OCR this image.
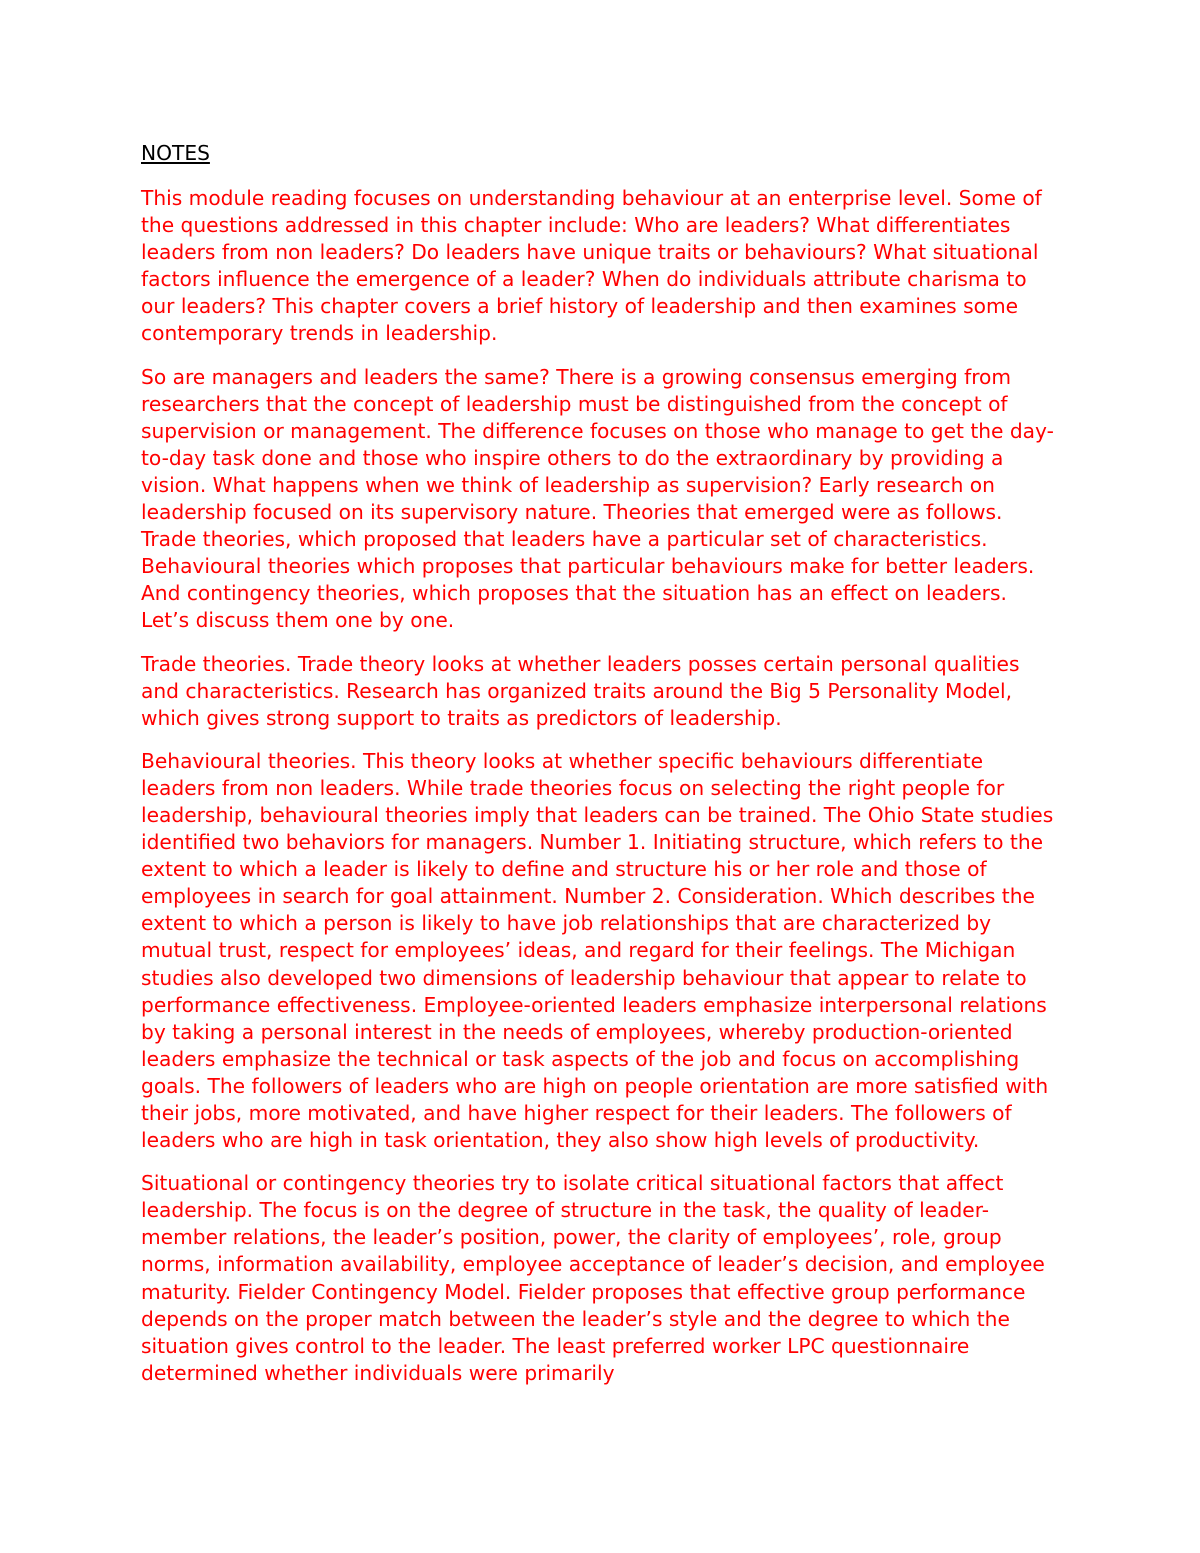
NOTES

This module reading focuses on understanding behaviour at an enterprise level. Some of the questions addressed in this chapter include: Who are leaders? What differentiates leaders from non leaders? Do leaders have unique traits or behaviours? What situational factors influence the emergence of a leader? When do individuals attribute charisma to our leaders? This chapter covers a brief history of leadership and then examines some contemporary trends in leadership.

So are managers and leaders the same? There is a growing consensus emerging from researchers that the concept of leadership must be distinguished from the concept of supervision or management. The difference focuses on those who manage to get the day-to-day task done and those who inspire others to do the extraordinary by providing a vision. What happens when we think of leadership as supervision? Early research on leadership focused on its supervisory nature. Theories that emerged were as follows. Trade theories, which proposed that leaders have a particular set of characteristics. Behavioural theories which proposes that particular behaviours make for better leaders. And contingency theories, which proposes that the situation has an effect on leaders. Let’s discuss them one by one.

Trade theories. Trade theory looks at whether leaders posses certain personal qualities and characteristics. Research has organized traits around the Big 5 Personality Model, which gives strong support to traits as predictors of leadership.

Behavioural theories. This theory looks at whether specific behaviours differentiate leaders from non leaders. While trade theories focus on selecting the right people for leadership, behavioural theories imply that leaders can be trained. The Ohio State studies identified two behaviors for managers. Number 1. Initiating structure, which refers to the extent to which a leader is likely to define and structure his or her role and those of employees in search for goal attainment. Number 2. Consideration. Which describes the extent to which a person is likely to have job relationships that are characterized by mutual trust, respect for employees’ ideas, and regard for their feelings. The Michigan studies also developed two dimensions of leadership behaviour that appear to relate to performance effectiveness. Employee-oriented leaders emphasize interpersonal relations by taking a personal interest in the needs of employees, whereby production-oriented leaders emphasize the technical or task aspects of the job and focus on accomplishing goals. The followers of leaders who are high on people orientation are more satisfied with their jobs, more motivated, and have higher respect for their leaders. The followers of leaders who are high in task orientation, they also show high levels of productivity.

Situational or contingency theories try to isolate critical situational factors that affect leadership. The focus is on the degree of structure in the task, the quality of leader-member relations, the leader’s position, power, the clarity of employees’, role, group norms, information availability, employee acceptance of leader’s decision, and employee maturity. Fielder Contingency Model. Fielder proposes that effective group performance depends on the proper match between the leader’s style and the degree to which the situation gives control to the leader. The least preferred worker LPC questionnaire determined whether individuals were primarily
